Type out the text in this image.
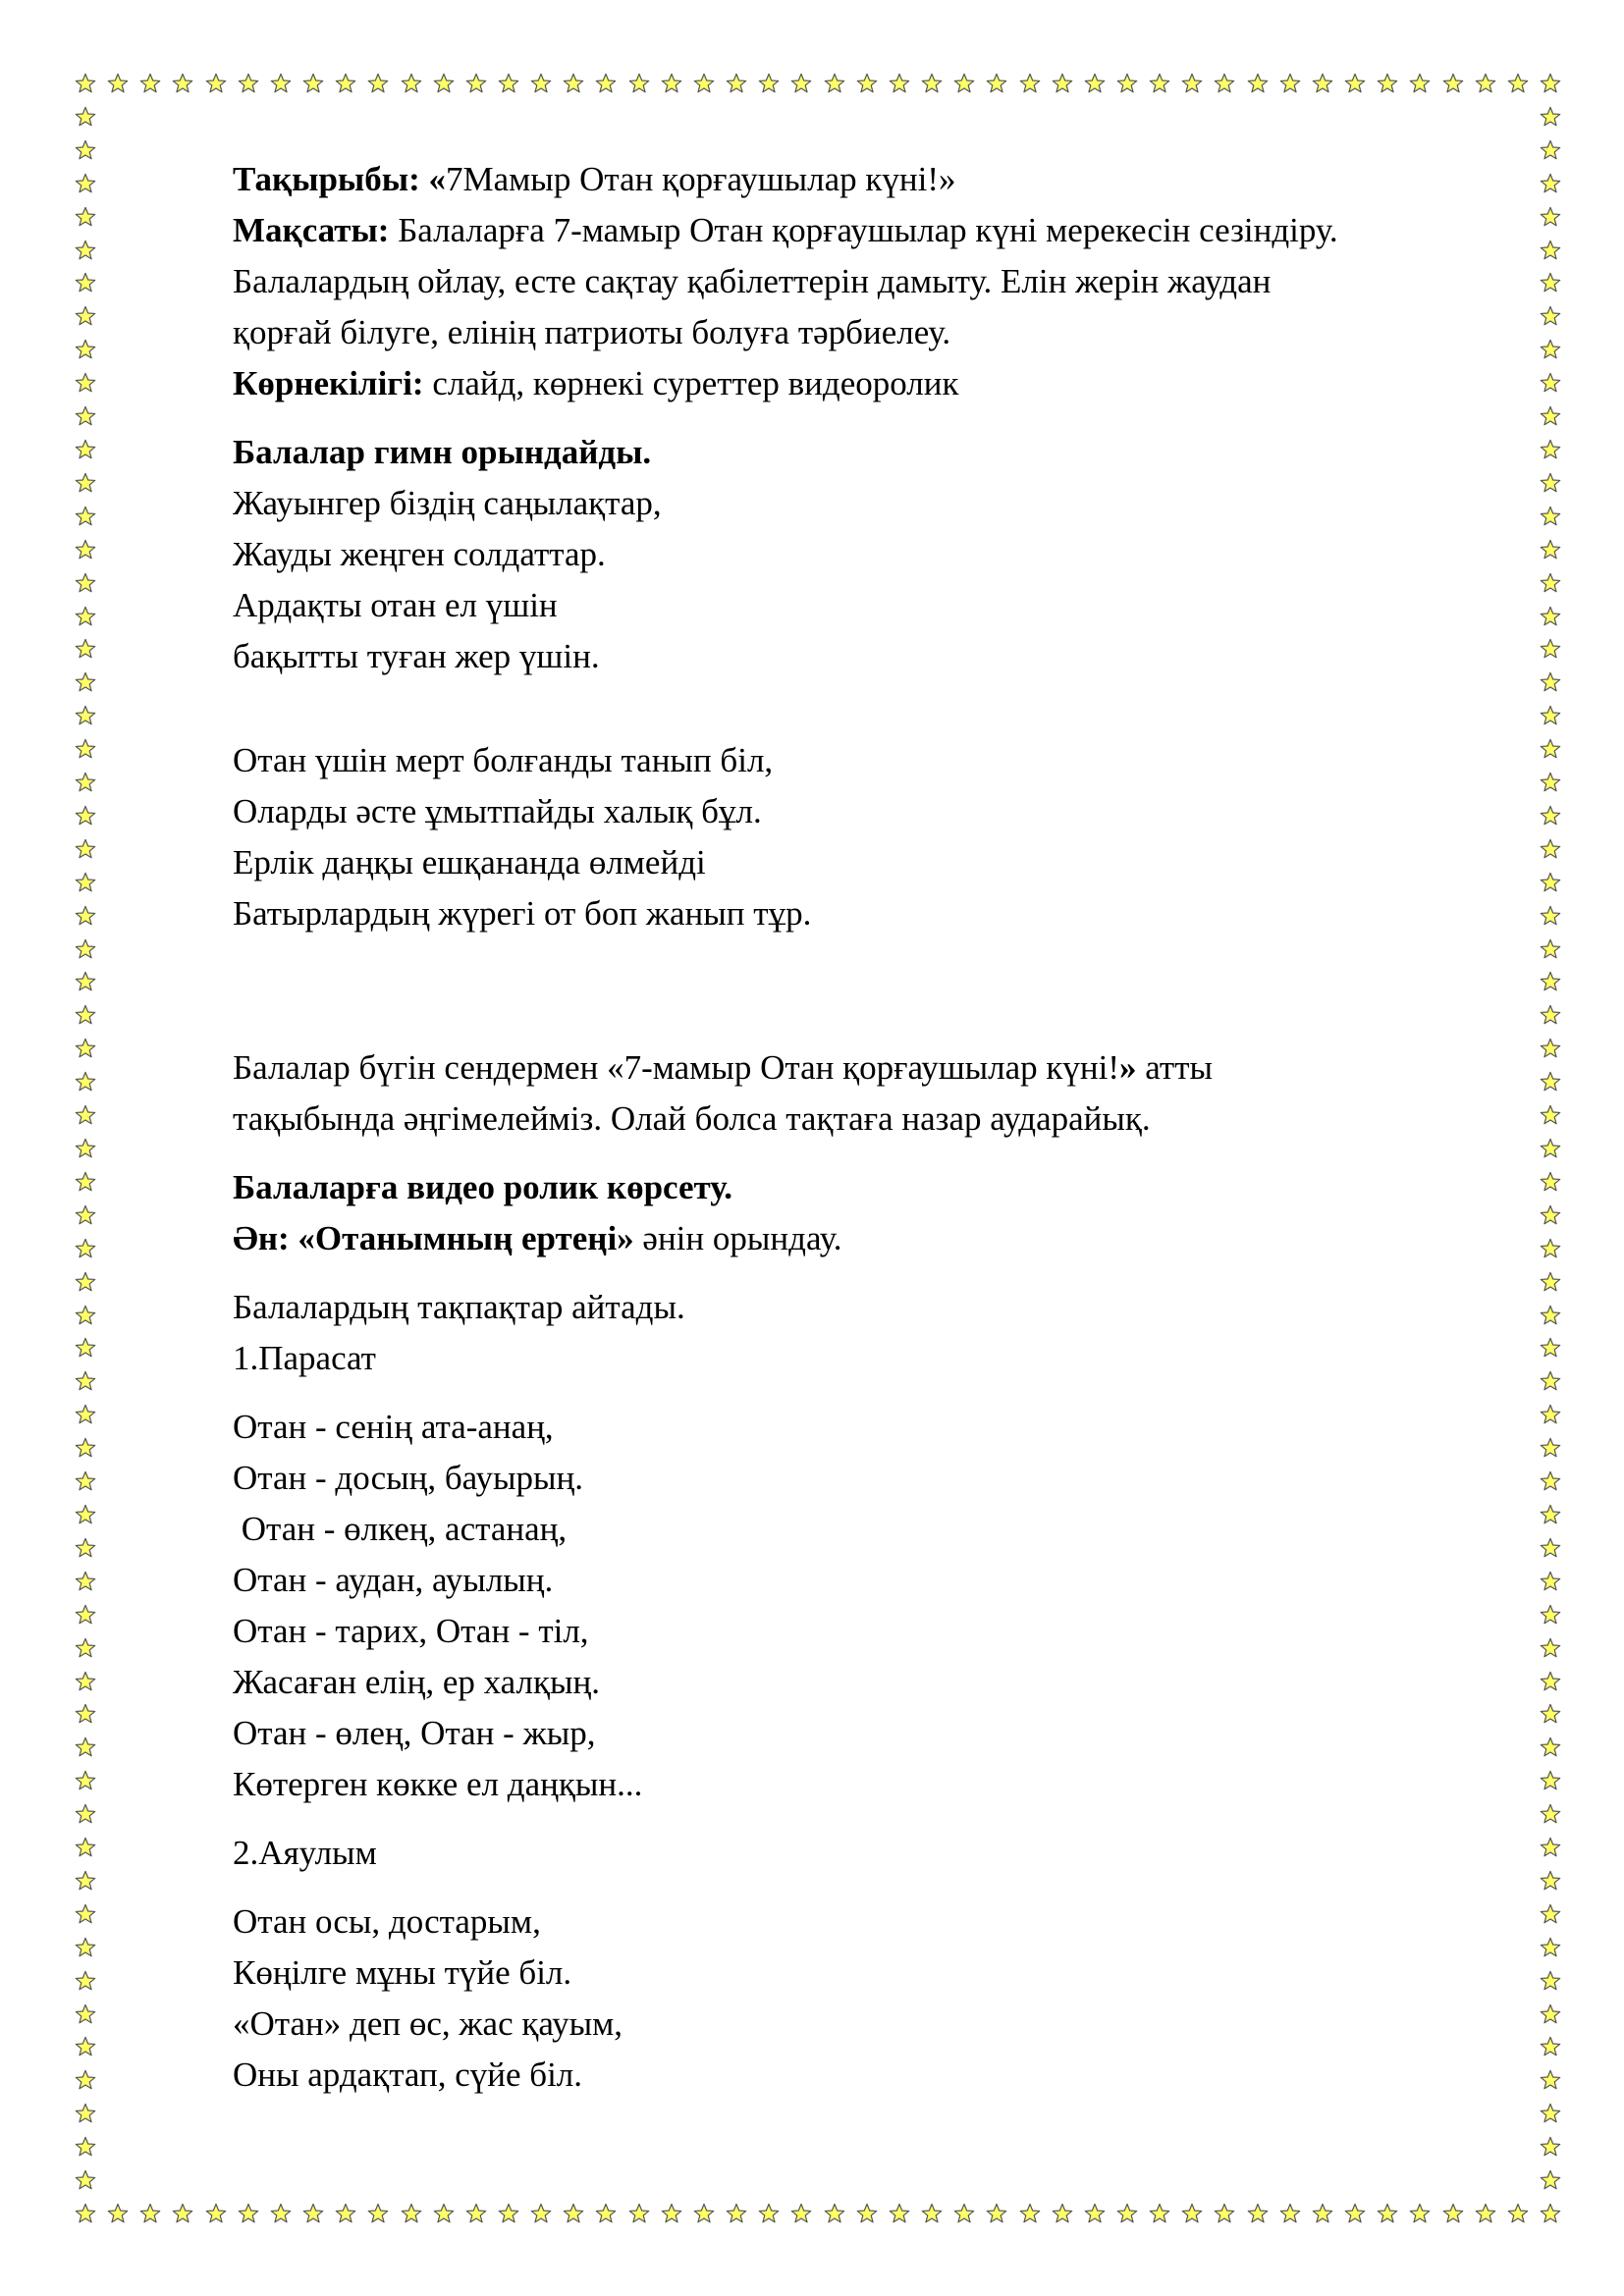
Тақырыбы: «7Мамыр Отан қорғаушылар күні!»

Мақсаты: Балаларға 7-мамыр Отан қорғаушылар күні мерекесін сезіндіру.

Балалардың ойлау, есте сақтау қабілеттерін дамыту. Елін жерін жаудан

қорғай білуге, елінің патриоты болуға тәрбиелеу.

Көрнекілігі: слайд, көрнекі суреттер видеоролик

Балалар гимн орындайды.

Жауынгер біздің саңылақтар,

Жауды жеңген солдаттар.

Ардақты отан ел үшін

бақытты туған жер үшін.

Отан үшін мерт болғанды танып біл,

Оларды әсте ұмытпайды халық бұл.

Ерлік даңқы ешқананда өлмейді

Батырлардың жүрегі от боп жанып тұр.

Балалар бүгін сендермен «7-мамыр Отан қорғаушылар күні!» атты

тақыбында әңгімелейміз. Олай болса тақтаға назар аударайық.

Балаларға видео ролик көрсету.

Ән: «Отанымның ертеңі» әнін орындау.

Балалардың тақпақтар айтады.

1.Парасат

Отан - сенің ата-анаң,

Отан - досың, бауырың.

Отан - өлкең, астанаң,

Отан - аудан, ауылың.

Отан - тарих, Отан - тіл,

Жасаған елің, ер халқың.

Отан - өлең, Отан - жыр,

Көтерген көкке ел даңқын...

2.Аяулым

Отан осы, достарым,

Көңілге мұны түйе біл.

«Отан» деп өс, жас қауым,

Оны ардақтап, сүйе біл.
